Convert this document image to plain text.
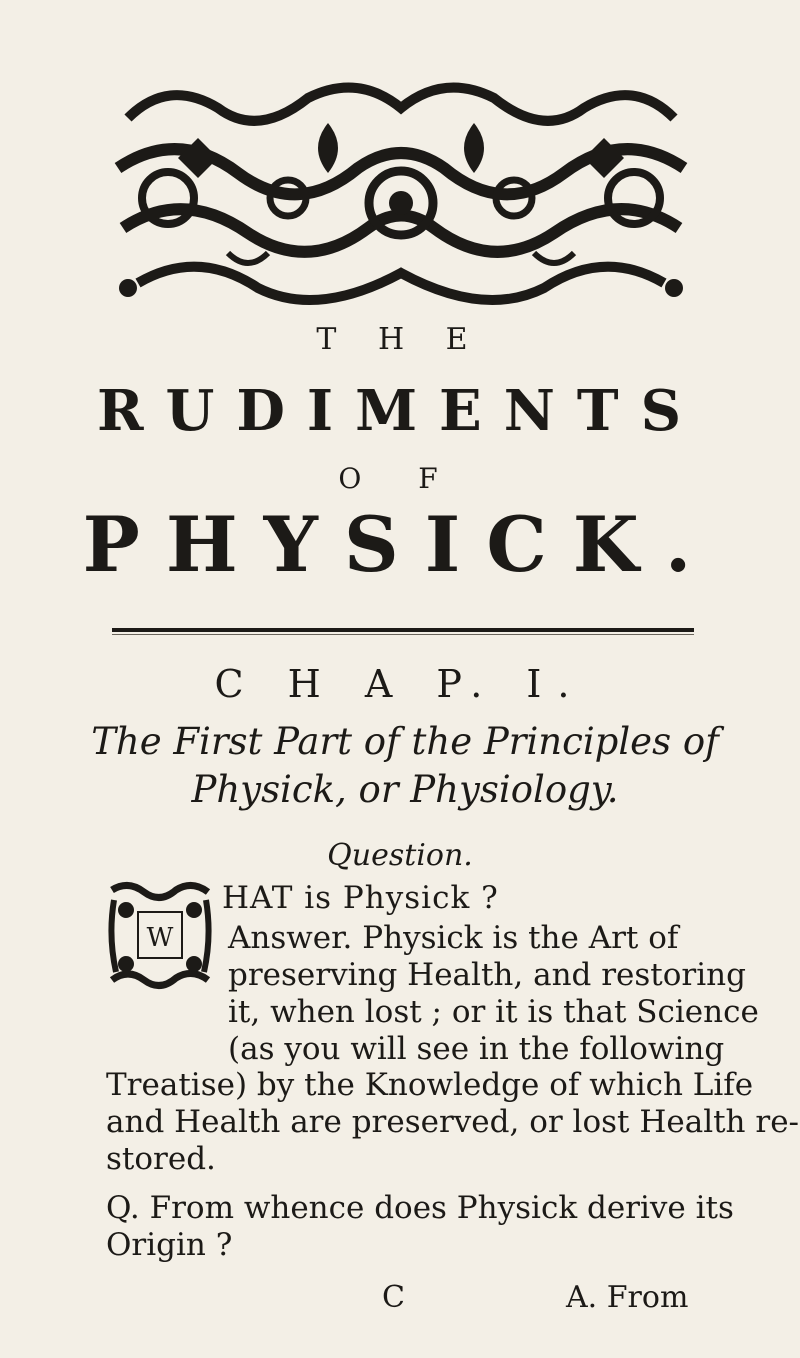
T H E
RUDIMENTS
O F
PHYSICK.
C H A P. I.
The First Part of the Principles of
Physick, or Physiology.
Question.
W
HAT is Physick ?
Answer. Physick is the Art of
preserving Health, and restoring
it, when lost ; or it is that Science
(as you will see in the following
Treatise) by the Knowledge of which Life
and Health are preserved, or lost Health re-
stored.
Q. From whence does Physick derive its
Origin ?
C	A. From
